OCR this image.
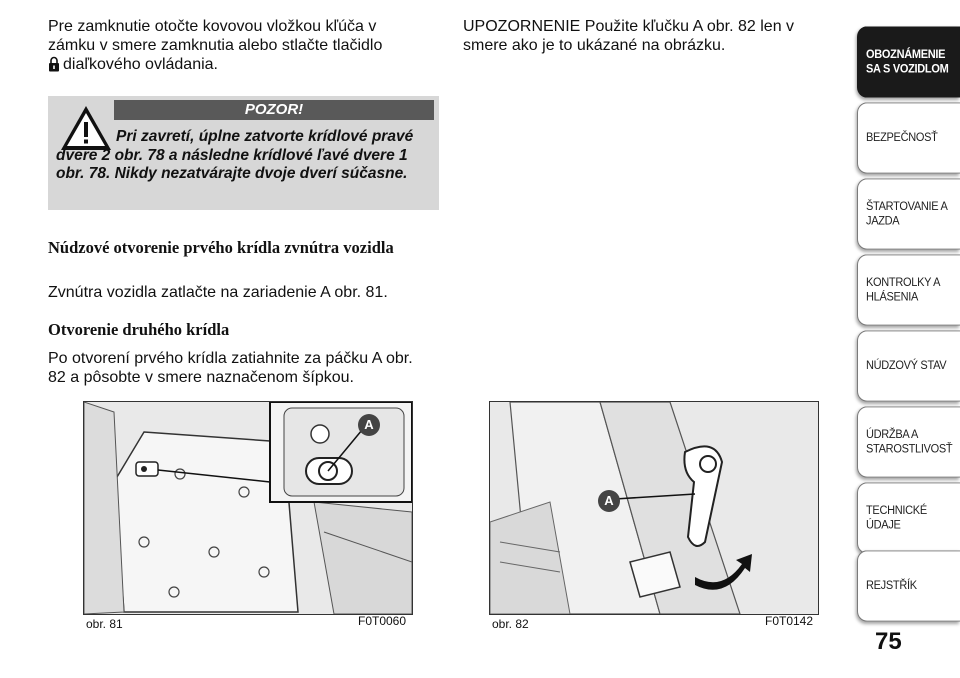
Pre zamknutie otočte kovovou vložkou kľúča v

zámku v smere zamknutia alebo stlačte tlačidlo

diaľkového ovládania.

POZOR!
Pri zavretí, úplne zatvorte krídlové pravé dvere 2 obr. 78 a následne krídlové ľavé dvere 1 obr. 78. Nikdy nezatvárajte dvoje dverí súčasne.
Núdzové otvorenie prvého krídla zvnútra vozidla
Zvnútra vozidla zatlačte na zariadenie A obr. 81.
Otvorenie druhého krídla
Po otvorení prvého krídla zatiahnite za páčku A obr. 82 a pôsobte v smere naznačenom šípkou.
UPOZORNENIE Použite kľučku A obr. 82 len v smere ako je to ukázané na obrázku.
A
obr. 81	F0T0060
A
obr. 82	F0T0142
OBOZNÁMENIE SA S VOZIDLOM
BEZPEČNOSŤ
ŠTARTOVANIE A JAZDA
KONTROLKY A HLÁSENIA
NÚDZOVÝ STAV
ÚDRŽBA A STAROSTLIVOSŤ
TECHNICKÉ ÚDAJE
REJSTŘÍK
75
